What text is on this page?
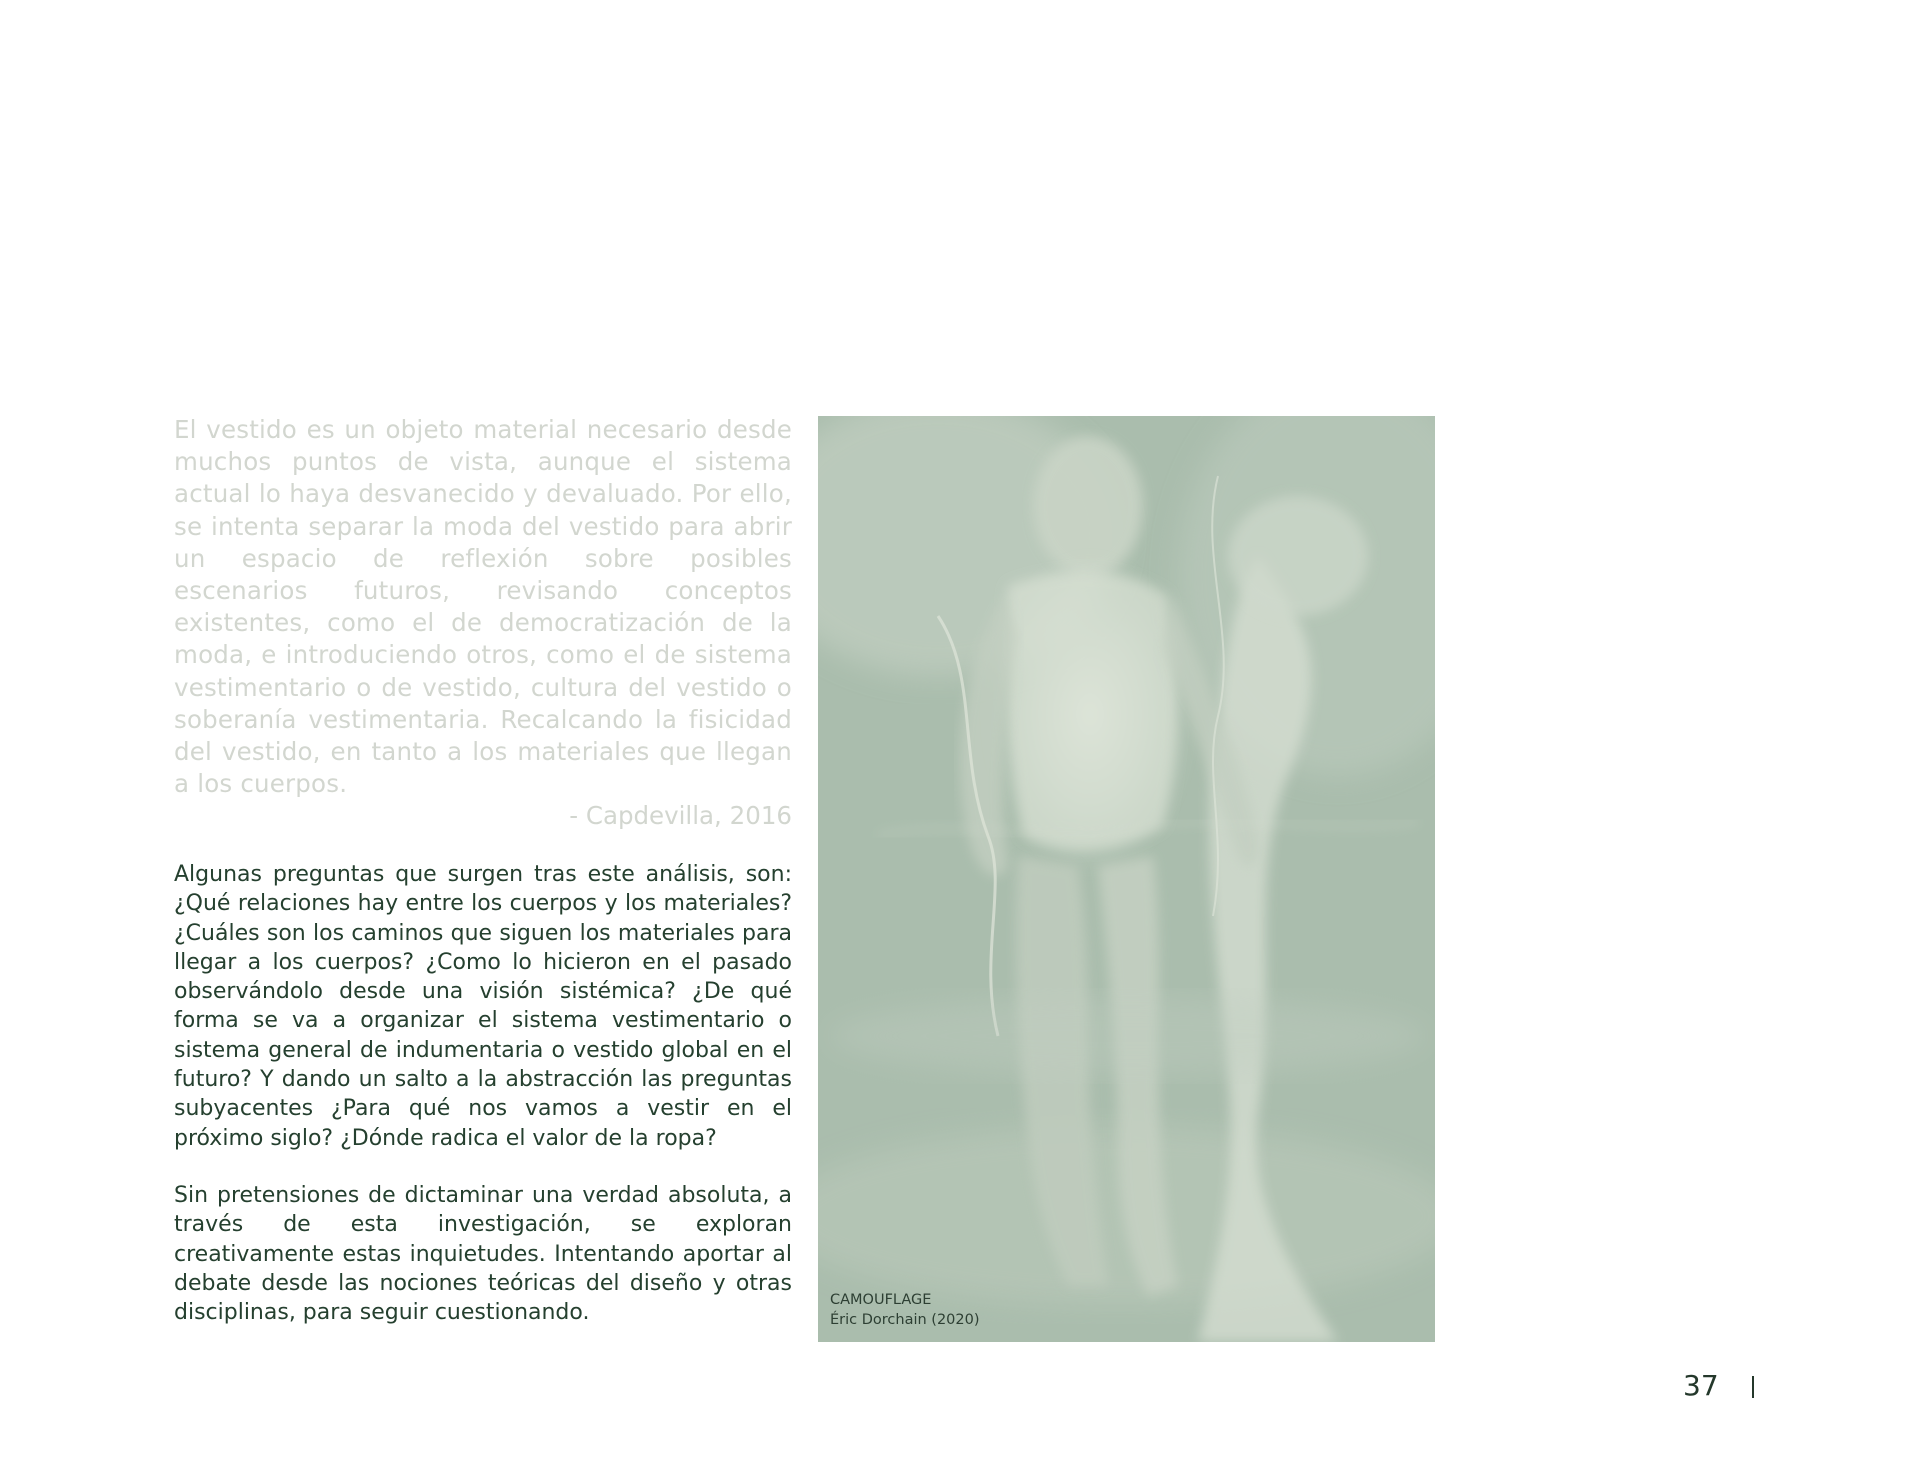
El vestido es un objeto material necesario desde muchos puntos de vista, aunque el sistema actual lo haya desvanecido y devaluado. Por ello, se intenta separar la moda del vestido para abrir un espacio de reflexión sobre posibles escenarios futuros, revisando conceptos existentes, como el de democratización de la moda, e introduciendo otros, como el de sistema vestimentario o de vestido, cultura del vestido o soberanía vestimentaria. Recalcando la fisicidad del vestido, en tanto a los materiales que llegan a los cuerpos.

- Capdevilla, 2016

Algunas preguntas que surgen tras este análisis, son: ¿Qué relaciones hay entre los cuerpos y los materiales? ¿Cuáles son los caminos que siguen los materiales para llegar a los cuerpos? ¿Como lo hicieron en el pasado observándolo desde una visión sistémica? ¿De qué forma se va a organizar el sistema vestimentario o sistema general de indumentaria o vestido global en el futuro? Y dando un salto a la abstracción las preguntas subyacentes ¿Para qué nos vamos a vestir en el próximo siglo? ¿Dónde radica el valor de la ropa?

Sin pretensiones de dictaminar una verdad absoluta, a través de esta investigación, se exploran creativamente estas inquietudes. Intentando aportar al debate desde las nociones teóricas del diseño y otras disciplinas, para seguir cuestionando.

CAMOUFLAGE
Éric Dorchain (2020)
37
